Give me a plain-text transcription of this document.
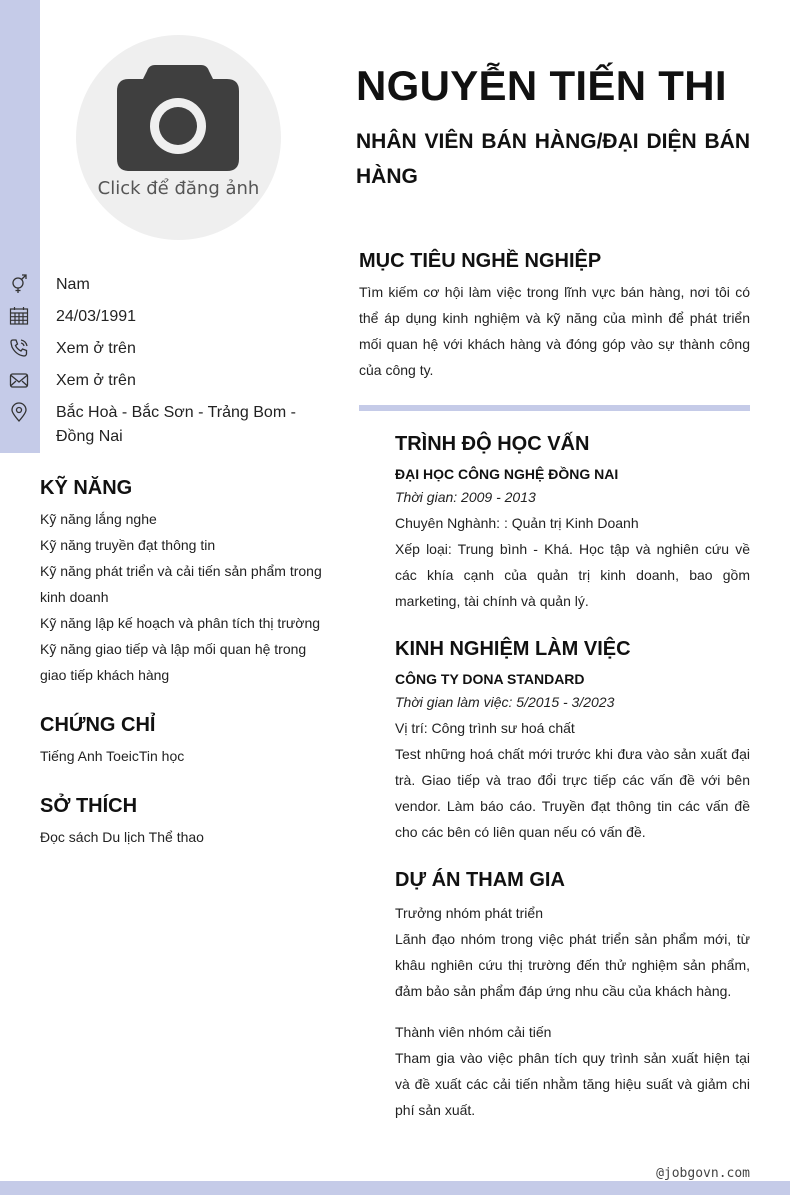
Click để đăng ảnh
NGUYỄN TIẾN THI
NHÂN VIÊN BÁN HÀNG/ĐẠI DIỆN BÁN HÀNG
Nam
24/03/1991
Xem ở trên
Xem ở trên
Bắc Hoà - Bắc Sơn - Trảng Bom - Đồng Nai
KỸ NĂNG
Kỹ năng lắng nghe
Kỹ năng truyền đạt thông tin
Kỹ năng phát triển và cải tiến sản phẩm trong kinh doanh
Kỹ năng lập kế hoạch và phân tích thị trường
Kỹ năng giao tiếp và lập mối quan hệ trong giao tiếp khách hàng
CHỨNG CHỈ
Tiếng Anh ToeicTin học
SỞ THÍCH
Đọc sách Du lịch Thể thao
MỤC TIÊU NGHỀ NGHIỆP

Tìm kiếm cơ hội làm việc trong lĩnh vực bán hàng, nơi tôi có thể áp dụng kinh nghiệm và kỹ năng của mình để phát triển mối quan hệ với khách hàng và đóng góp vào sự thành công của công ty.

TRÌNH ĐỘ HỌC VẤN
ĐẠI HỌC CÔNG NGHỆ ĐỒNG NAI
Thời gian: 2009 - 2013
Chuyên Nghành: : Quản trị Kinh Doanh
Xếp loại: Trung bình - Khá. Học tập và nghiên cứu về các khía cạnh của quản trị kinh doanh, bao gồm marketing, tài chính và quản lý.
KINH NGHIỆM LÀM VIỆC
CÔNG TY DONA STANDARD
Thời gian làm việc: 5/2015 - 3/2023
Vị trí: Công trình sư hoá chất
Test những hoá chất mới trước khi đưa vào sản xuất đại trà. Giao tiếp và trao đổi trực tiếp các vấn đề với bên vendor. Làm báo cáo. Truyền đạt thông tin các vấn đề cho các bên có liên quan nếu có vấn đề.
DỰ ÁN THAM GIA
Trưởng nhóm phát triển
Lãnh đạo nhóm trong việc phát triển sản phẩm mới, từ khâu nghiên cứu thị trường đến thử nghiệm sản phẩm, đảm bảo sản phẩm đáp ứng nhu cầu của khách hàng.
Thành viên nhóm cải tiến
Tham gia vào việc phân tích quy trình sản xuất hiện tại và đề xuất các cải tiến nhằm tăng hiệu suất và giảm chi phí sản xuất.
@jobgovn.com
